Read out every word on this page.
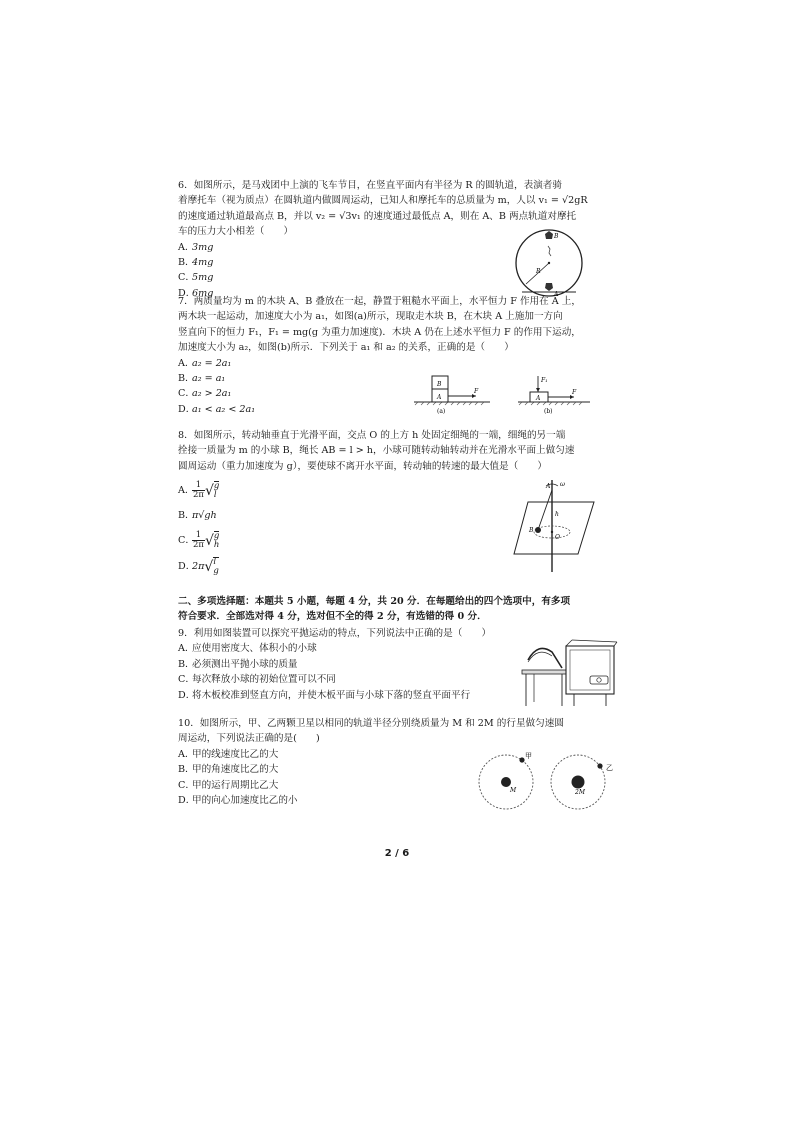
6．如图所示，是马戏团中上演的飞车节目，在竖直平面内有半径为 R 的圆轨道，表演者骑

着摩托车（视为质点）在圆轨道内做圆周运动，已知人和摩托车的总质量为 m，人以 v₁ = √2gR

的速度通过轨道最高点 B，并以 v₂ = √3v₁ 的速度通过最低点 A，则在 A、B 两点轨道对摩托

车的压力大小相差（　　）

A．3mg
B．4mg
C．5mg
D．6mg
B
A
R

7．两质量均为 m 的木块 A、B 叠放在一起，静置于粗糙水平面上，水平恒力 F 作用在 A 上，

两木块一起运动，加速度大小为 a₁，如图(a)所示，现取走木块 B，在木块 A 上施加一方向

竖直向下的恒力 F₁，F₁ = mg(g 为重力加速度)．木块 A 仍在上述水平恒力 F 的作用下运动，

加速度大小为 a₂，如图(b)所示．下列关于 a₁ 和 a₂ 的关系，正确的是（　　）

A．a₂ = 2a₁
B．a₂ = a₁
C．a₂ > 2a₁
D．a₁ < a₂ < 2a₁
B
A
F
(a)
F₁
A
F
(b)

8．如图所示，转动轴垂直于光滑平面，交点 O 的上方 h 处固定细绳的一端，细绳的另一端

拴接一质量为 m 的小球 B，绳长 AB = l > h，小球可随转动轴转动并在光滑水平面上做匀速

圆周运动（重力加速度为 g），要使球不离开水平面，转动轴的转速的最大值是（　　）

A．
$\frac{1}{2\pi}$ √ g
l
B．π√gh
C．
$\frac{1}{2\pi}$ √ g
h
D．2π√ l
g
A ω
h
B
O

二、多项选择题：本题共 5 小题，每题 4 分，共 20 分．在每题给出的四个选项中，有多项

符合要求．全部选对得 4 分，选对但不全的得 2 分，有选错的得 0 分．

9．利用如图装置可以探究平抛运动的特点，下列说法中正确的是（　　）

A．应使用密度大、体积小的小球
B．必须测出平抛小球的质量
C．每次释放小球的初始位置可以不同
D．将木板校准到竖直方向，并使木板平面与小球下落的竖直平面平行

10．如图所示，甲、乙两颗卫星以相同的轨道半径分别绕质量为 M 和 2M 的行星做匀速圆

周运动，下列说法正确的是(　　)

A．甲的线速度比乙的大
B．甲的角速度比乙的大
C．甲的运行周期比乙大
D．甲的向心加速度比乙的小
甲
乙
M	2M
2 / 6
